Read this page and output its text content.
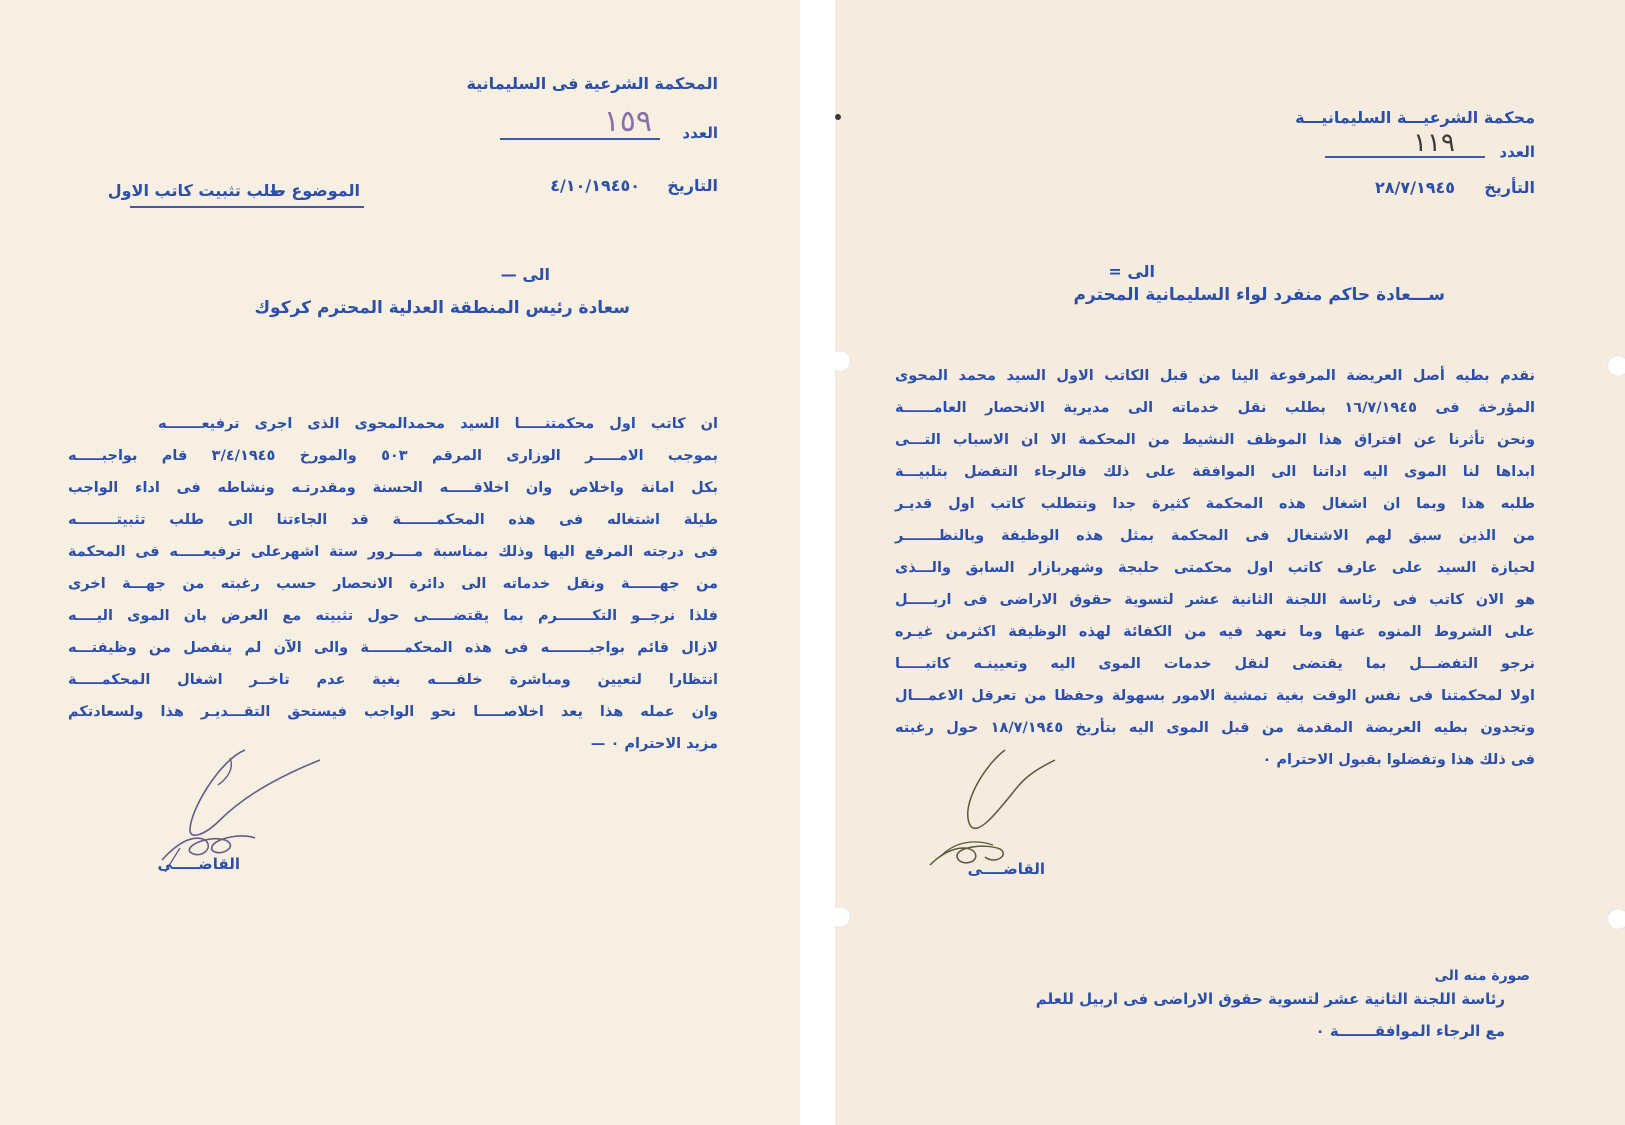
المحكمة الشرعية فى السليمانية
العدد
١٥٩
التاريخ
٤/١٠/١٩٤٥٠
الموضوع —
طلب تثبيت كاتب الاول
الى —
سعادة رئيس المنطقة العدلية المحترم كركوك
ان كاتب اول محكمتنـــــا السيد محمدالمحوى الذى اجرى ترفيعـــــــه
بموجب الامـــــر الوزارى المرقم ٥٠٣ والمورخ ٣/٤/١٩٤٥ قام بواجبـــــه
بكل امانة واخلاص وان اخلاقـــــه الحسنة ومقدرتـه ونشاطه فى اداء الواجب
طيلة اشتغاله فى هذه المحكمـــــــة قد الجاءتنا الى طلب تثبيتــــــــه
فى درجته المرفع اليها وذلك بمناسبة مــــرور ستة اشهرعلى ترفيعـــــه فى المحكمة
من جهــــــة ونقل خدماته الى دائرة الانحصار حسب رغبته من جهـــة اخرى
فلذا نرجــو التكـــــــرم بما يقتضـــــى حول تثبيته مع العرض بان الموى اليــــه
لازال قائم بواجبــــــــه فى هذه المحكمـــــــة والى الآن لم ينفصل من وظيفتـــه
انتظارا لتعيين ومباشرة خلفــــه بغية عدم تاخــر اشغال المحكمـــــة
وان عمله هذا يعد اخلاصـــــا نحو الواجب فيستحق التقـــديـر هذا ولسعادتكم
مزيد الاحترام ٠ —
القاضـــــى
محكمة الشرعيـــة السليمانيـــة
العدد
١١٩
التأريخ
٢٨/٧/١٩٤٥
الى =
ســـعادة حاكم منفرد لواء السليمانية المحترم
نقدم بطيه أصل العريضة المرفوعة الينا من قبل الكاتب الاول السيد محمد المحوى
المؤرخة فى ١٦/٧/١٩٤٥ بطلب نقل خدماته الى مديرية الانحصار العامــــــة
ونحن تأثرنا عن افتراق هذا الموظف النشيط من المحكمة الا ان الاسباب التـــى
ابداها لنا الموى اليه اداتنا الى الموافقة على ذلك فالرجاء التفضل بتلبيـــة
طلبه هذا وبما ان اشغال هذه المحكمة كثيرة جدا وتتطلب كاتب اول قديـر
من الذين سبق لهم الاشتغال فى المحكمة بمثل هذه الوظيفة وبالنظـــــــر
لحيازة السيد على عارف كاتب اول محكمتى حلبجة وشهربازار السابق والـــذى
هو الان كاتب فى رئاسة اللجنة الثانية عشر لتسوية حقوق الاراضى فى اربـــــل
على الشروط المنوه عنها وما نعهد فيه من الكفائة لهذه الوظيفة اكثرمن غيـره
نرجو التفضـــل بما يقتضى لنقل خدمات الموى اليه وتعيينـه كاتبـــــا
اولا لمحكمتنا فى نفس الوقت بغية تمشية الامور بسهولة وحفظا من تعرقل الاعمـــال
وتجدون بطيه العريضة المقدمة من قبل الموى اليه بتأريخ ١٨/٧/١٩٤٥ حول رغبته
فى ذلك هذا وتفضلوا بقبول الاحترام ٠
القاضــــى
صورة منه الى
رئاسة اللجنة الثانية عشر لتسوية حقوق الاراضى فى اربيل للعلم
مع الرجاء الموافقـــــــة ٠
